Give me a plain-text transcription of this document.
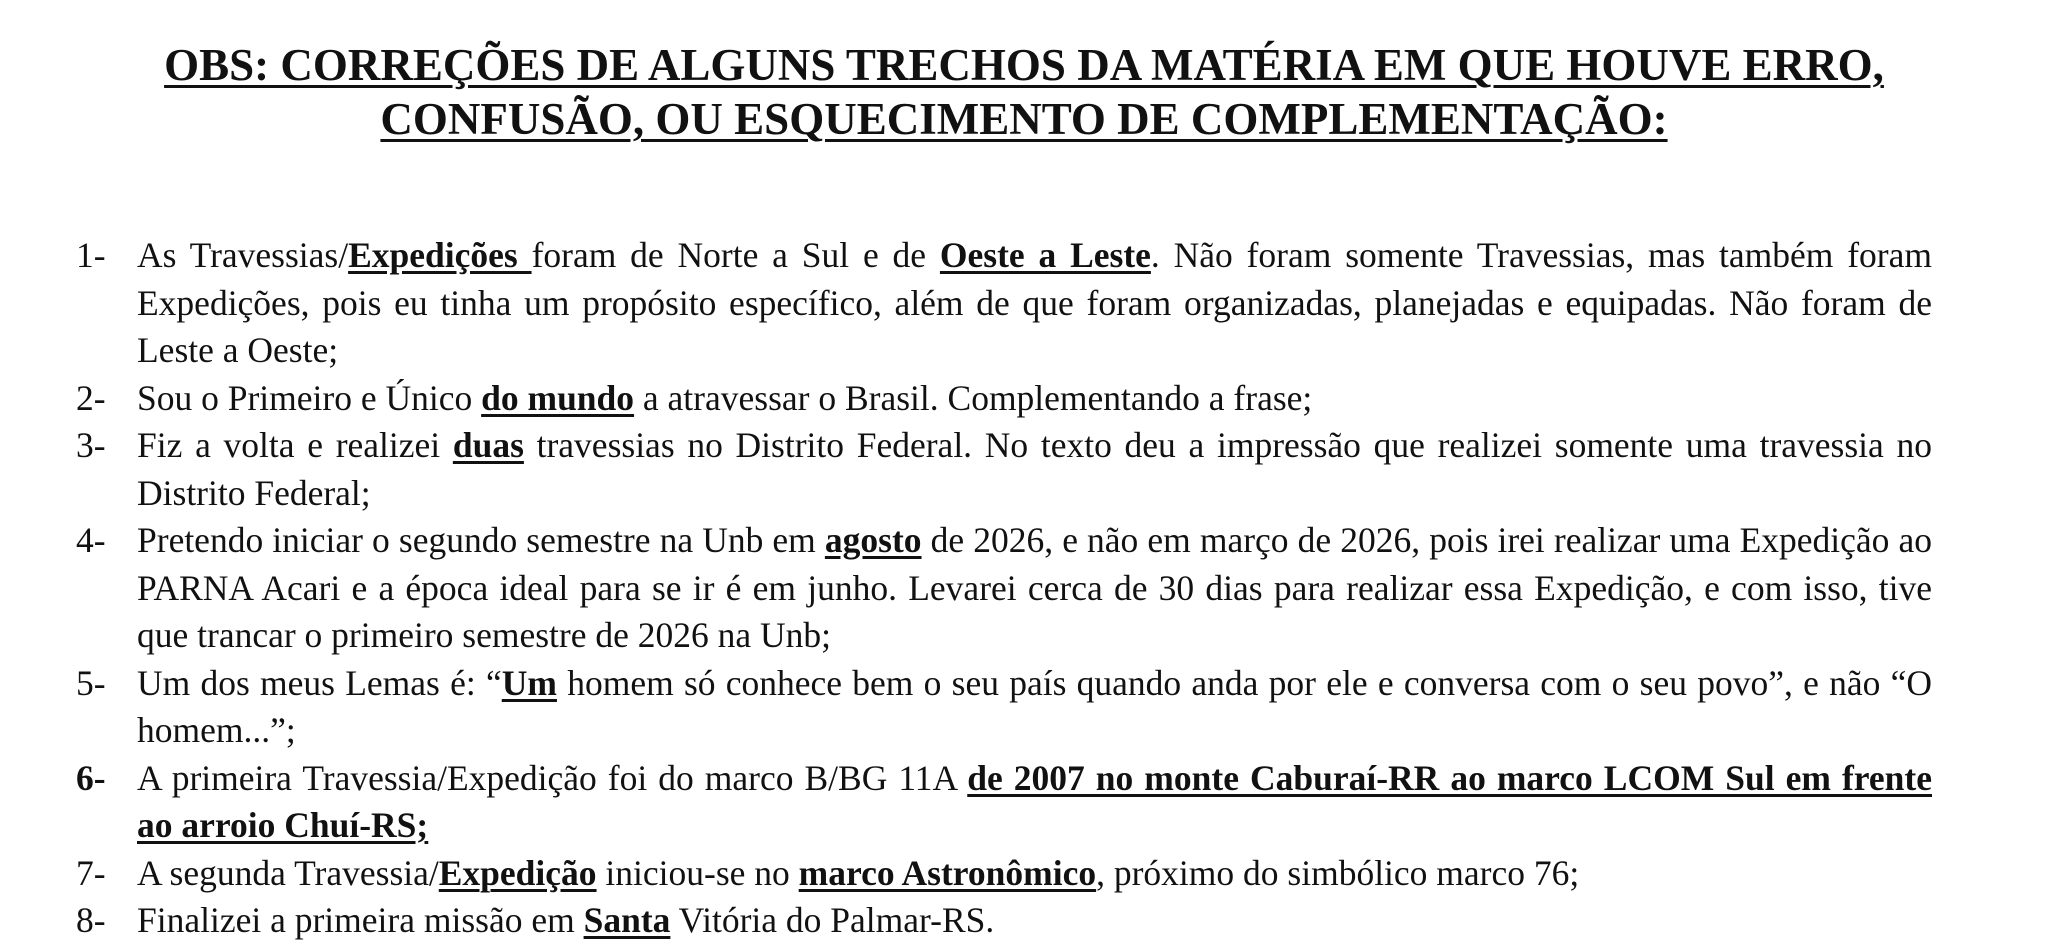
OBS: CORREÇÕES DE ALGUNS TRECHOS DA MATÉRIA EM QUE HOUVE ERRO,
CONFUSÃO, OU ESQUECIMENTO DE COMPLEMENTAÇÃO:
1- As Travessias/Expedições foram de Norte a Sul e de Oeste a Leste. Não foram somente Travessias, mas também foram Expedições, pois eu tinha um propósito específico, além de que foram organizadas, planejadas e equipadas. Não foram de Leste a Oeste;
2- Sou o Primeiro e Único do mundo a atravessar o Brasil. Complementando a frase;
3- Fiz a volta e realizei duas travessias no Distrito Federal. No texto deu a impressão que realizei somente uma travessia no Distrito Federal;
4- Pretendo iniciar o segundo semestre na Unb em agosto de 2026, e não em março de 2026, pois irei realizar uma Expedição ao PARNA Acari e a época ideal para se ir é em junho. Levarei cerca de 30 dias para realizar essa Expedição, e com isso, tive que trancar o primeiro semestre de 2026 na Unb;
5- Um dos meus Lemas é: “Um homem só conhece bem o seu país quando anda por ele e conversa com o seu povo”, e não “O homem...”;
6- A primeira Travessia/Expedição foi do marco B/BG 11A de 2007 no monte Caburaí-RR ao marco LCOM Sul em frente ao arroio Chuí-RS;
7- A segunda Travessia/Expedição iniciou-se no marco Astronômico, próximo do simbólico marco 76;
8- Finalizei a primeira missão em Santa Vitória do Palmar-RS.
